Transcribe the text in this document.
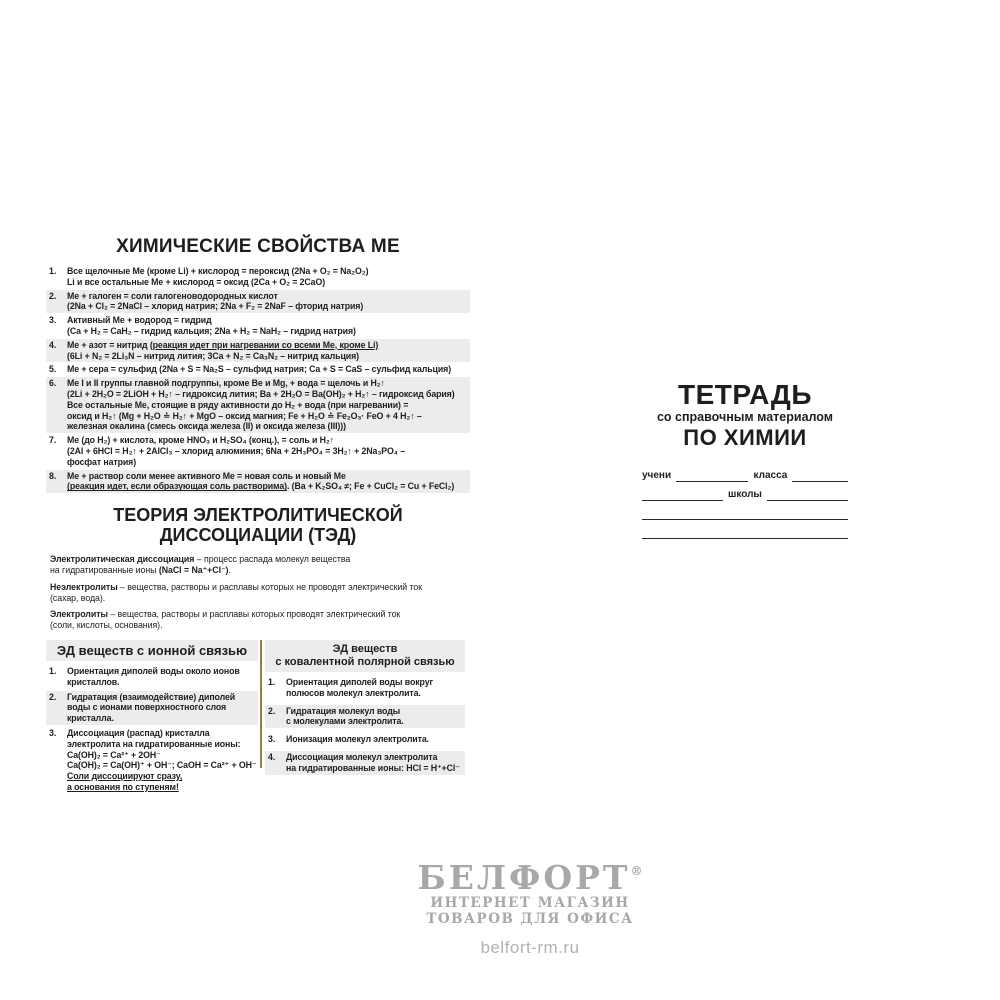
ХИМИЧЕСКИЕ СВОЙСТВА МЕ
1.	Все щелочные Ме (кроме Li) + кислород = пероксид (2Na + O₂ = Na₂O₂)
Li и все остальные Ме + кислород = оксид (2Ca + O₂ = 2CaO)
2.	Ме + галоген = соли галогеноводородных кислот
(2Na + Cl₂ = 2NaCl – хлорид натрия; 2Na + F₂ = 2NaF – фторид натрия)
3.	Активный Ме + водород = гидрид
(Ca + H₂ = CaH₂ – гидрид кальция; 2Na + H₂ = NaH₂ – гидрид натрия)
4.	Ме + азот = нитрид (реакция идет при нагревании со всеми Ме, кроме Li)
(6Li + N₂ = 2Li₃N – нитрид лития; 3Ca + N₂ = Ca₃N₂ – нитрид кальция)
5.	Ме + сера = сульфид (2Na + S = Na₂S – сульфид натрия; Ca + S = CaS – сульфид кальция)
6.	Ме I и II группы главной подгруппы, кроме Be и Mg, + вода = щелочь и H₂↑
(2Li + 2H₂O = 2LiOH + H₂↑ – гидроксид лития; Ba + 2H₂O = Ba(OH)₂ + H₂↑ – гидроксид бария)
Все остальные Ме, стоящие в ряду активности до H₂ + вода (при нагревании) =
оксид и H₂↑ (Mg + H₂O ≐ H₂↑ + MgO – оксид магния; Fe + H₂O ≐ Fe₂O₃· FeO + 4 H₂↑ –
железная окалина (смесь оксида железа (II) и оксида железа (III)))
7.	Ме (до H₂) + кислота, кроме HNO₃ и H₂SO₄ (конц.), = соль и H₂↑
(2Al + 6HCl = H₂↑ + 2AlCl₃ – хлорид алюминия; 6Na + 2H₃PO₄ = 3H₂↑ + 2Na₃PO₄ –
фосфат натрия)
8.	Ме + раствор соли менее активного Ме = новая соль и новый Ме
(реакция идет, если образующая соль растворима). (Ba + K₂SO₄ ≠; Fe + CuCl₂ = Cu + FeCl₂)
ТЕОРИЯ ЭЛЕКТРОЛИТИЧЕСКОЙ
ДИССОЦИАЦИИ (ТЭД)
Электролитическая диссоциация – процесс распада молекул вещества
на гидратированные ионы (NaCl = Na⁺+Cl⁻).
Неэлектролиты – вещества, растворы и расплавы которых не проводят электрический ток
(сахар, вода).
Электролиты – вещества, растворы и расплавы которых проводят электрический ток
(соли, кислоты, основания).
ЭД веществ с ионной связью
1.	Ориентация диполей воды около ионов
кристаллов.
2.	Гидратация (взаимодействие) диполей
воды с ионами поверхностного слоя
кристалла.
3.	Диссоциация (распад) кристалла
электролита на гидратированные ионы:
Ca(OH)₂ = Ca²⁺ + 2OH⁻
Ca(OH)₂ = Ca(OH)⁺ + OH⁻; CaOH = Ca²⁺ + OH⁻
Соли диссоциируют сразу,
а основания по ступеням!
ЭД веществ
с ковалентной полярной связью
1.	Ориентация диполей воды вокруг
полюсов молекул электролита.
2.	Гидратация молекул воды
с молекулами электролита.
3.	Ионизация молекул электролита.
4.	Диссоциация молекул электролита
на гидратированные ионы: HCl = H⁺+Cl⁻
ТЕТРАДЬ
со справочным материалом
ПО ХИМИИ
учени	класса
школы
БЕЛФОРТ®
ИНТЕРНЕТ МАГАЗИН
ТОВАРОВ ДЛЯ ОФИСА
belfort-rm.ru
